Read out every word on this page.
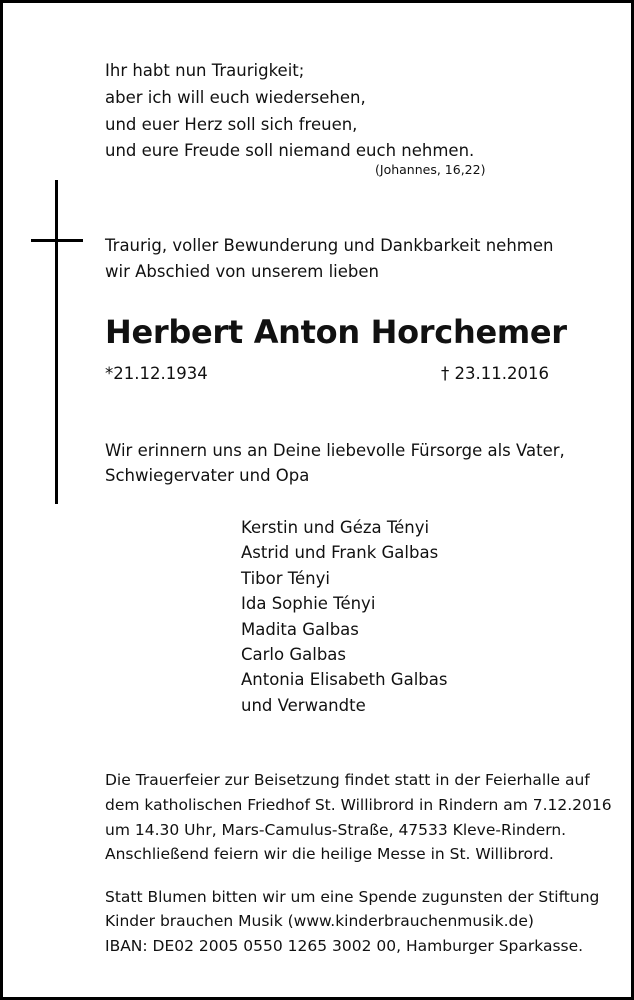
Ihr habt nun Traurigkeit;
aber ich will euch wiedersehen,
und euer Herz soll sich freuen,
und eure Freude soll niemand euch nehmen.
(Johannes, 16,22)
Traurig, voller Bewunderung und Dankbarkeit nehmen
wir Abschied von unserem lieben
Herbert Anton Horchemer
*21.12.1934	† 23.11.2016
Wir erinnern uns an Deine liebevolle Fürsorge als Vater,
Schwiegervater und Opa
Kerstin und Géza Tényi
Astrid und Frank Galbas
Tibor Tényi
Ida Sophie Tényi
Madita Galbas
Carlo Galbas
Antonia Elisabeth Galbas
und Verwandte
Die Trauerfeier zur Beisetzung findet statt in der Feierhalle auf
dem katholischen Friedhof St. Willibrord in Rindern am 7.12.2016
um 14.30 Uhr, Mars-Camulus-Straße, 47533 Kleve-Rindern.
Anschließend feiern wir die heilige Messe in St. Willibrord.
Statt Blumen bitten wir um eine Spende zugunsten der Stiftung
Kinder brauchen Musik (www.kinderbrauchenmusik.de)
IBAN: DE02 2005 0550 1265 3002 00, Hamburger Sparkasse.
